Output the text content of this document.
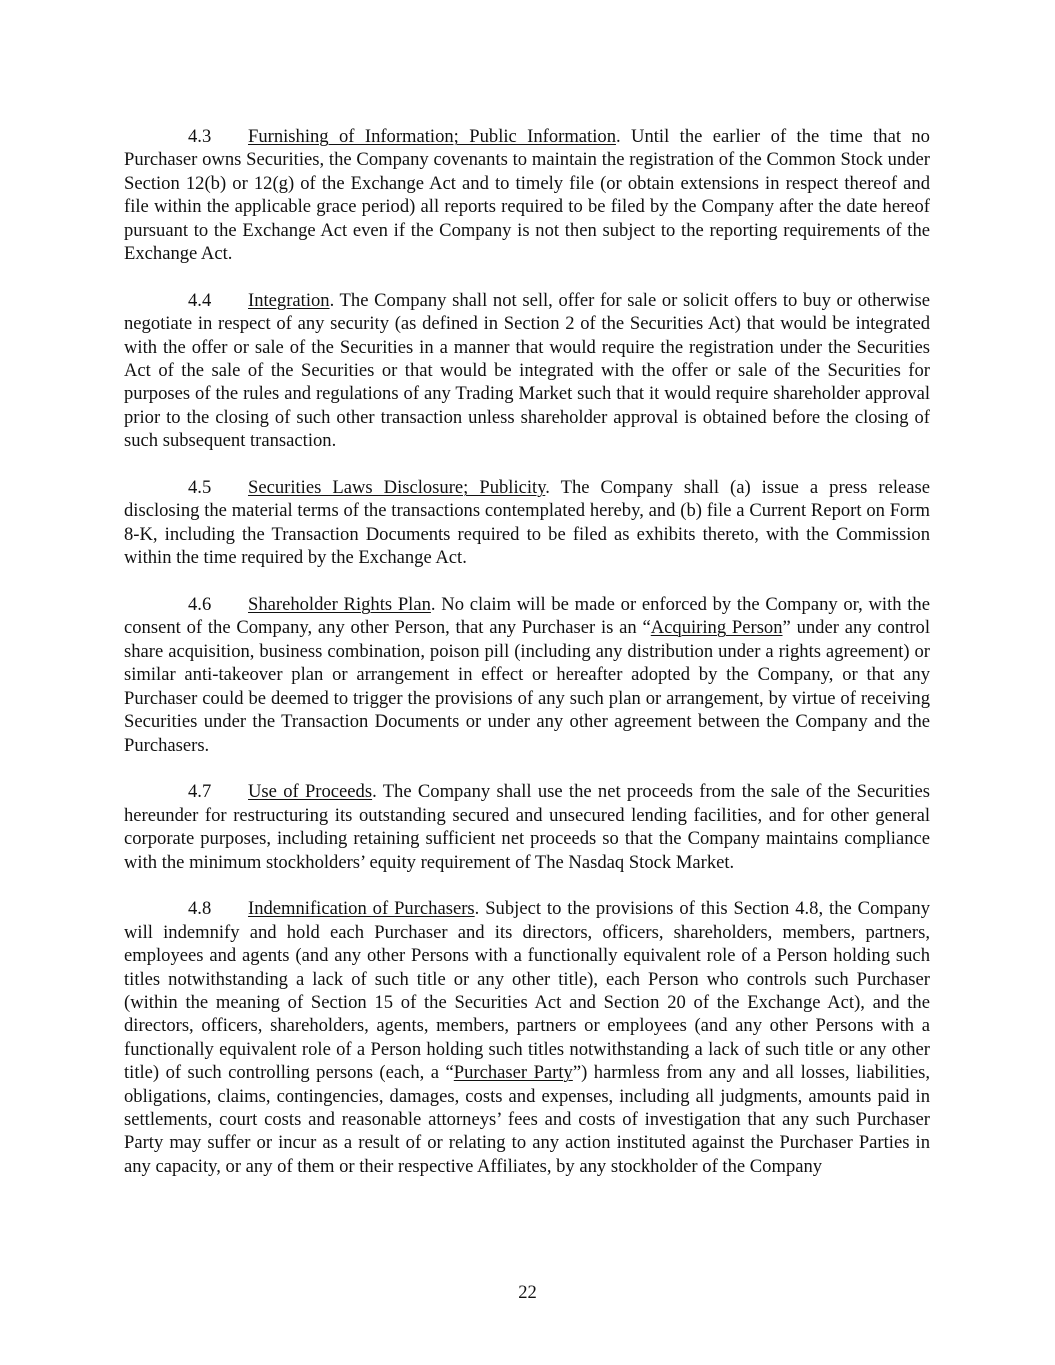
4.3 Furnishing of Information; Public Information. Until the earlier of the time that no Purchaser owns Securities, the Company covenants to maintain the registration of the Common Stock under Section 12(b) or 12(g) of the Exchange Act and to timely file (or obtain extensions in respect thereof and file within the applicable grace period) all reports required to be filed by the Company after the date hereof pursuant to the Exchange Act even if the Company is not then subject to the reporting requirements of the Exchange Act.

4.4 Integration. The Company shall not sell, offer for sale or solicit offers to buy or otherwise negotiate in respect of any security (as defined in Section 2 of the Securities Act) that would be integrated with the offer or sale of the Securities in a manner that would require the registration under the Securities Act of the sale of the Securities or that would be integrated with the offer or sale of the Securities for purposes of the rules and regulations of any Trading Market such that it would require shareholder approval prior to the closing of such other transaction unless shareholder approval is obtained before the closing of such subsequent transaction.

4.5 Securities Laws Disclosure; Publicity. The Company shall (a) issue a press release disclosing the material terms of the transactions contemplated hereby, and (b) file a Current Report on Form 8-K, including the Transaction Documents required to be filed as exhibits thereto, with the Commission within the time required by the Exchange Act.

4.6 Shareholder Rights Plan. No claim will be made or enforced by the Company or, with the consent of the Company, any other Person, that any Purchaser is an “Acquiring Person” under any control share acquisition, business combination, poison pill (including any distribution under a rights agreement) or similar anti-takeover plan or arrangement in effect or hereafter adopted by the Company, or that any Purchaser could be deemed to trigger the provisions of any such plan or arrangement, by virtue of receiving Securities under the Transaction Documents or under any other agreement between the Company and the Purchasers.

4.7 Use of Proceeds. The Company shall use the net proceeds from the sale of the Securities hereunder for restructuring its outstanding secured and unsecured lending facilities, and for other general corporate purposes, including retaining sufficient net proceeds so that the Company maintains compliance with the minimum stockholders’ equity requirement of The Nasdaq Stock Market.

4.8 Indemnification of Purchasers. Subject to the provisions of this Section 4.8, the Company will indemnify and hold each Purchaser and its directors, officers, shareholders, members, partners, employees and agents (and any other Persons with a functionally equivalent role of a Person holding such titles notwithstanding a lack of such title or any other title), each Person who controls such Purchaser (within the meaning of Section 15 of the Securities Act and Section 20 of the Exchange Act), and the directors, officers, shareholders, agents, members, partners or employees (and any other Persons with a functionally equivalent role of a Person holding such titles notwithstanding a lack of such title or any other title) of such controlling persons (each, a “Purchaser Party”) harmless from any and all losses, liabilities, obligations, claims, contingencies, damages, costs and expenses, including all judgments, amounts paid in settlements, court costs and reasonable attorneys’ fees and costs of investigation that any such Purchaser Party may suffer or incur as a result of or relating to any action instituted against the Purchaser Parties in any capacity, or any of them or their respective Affiliates, by any stockholder of the Company

22
